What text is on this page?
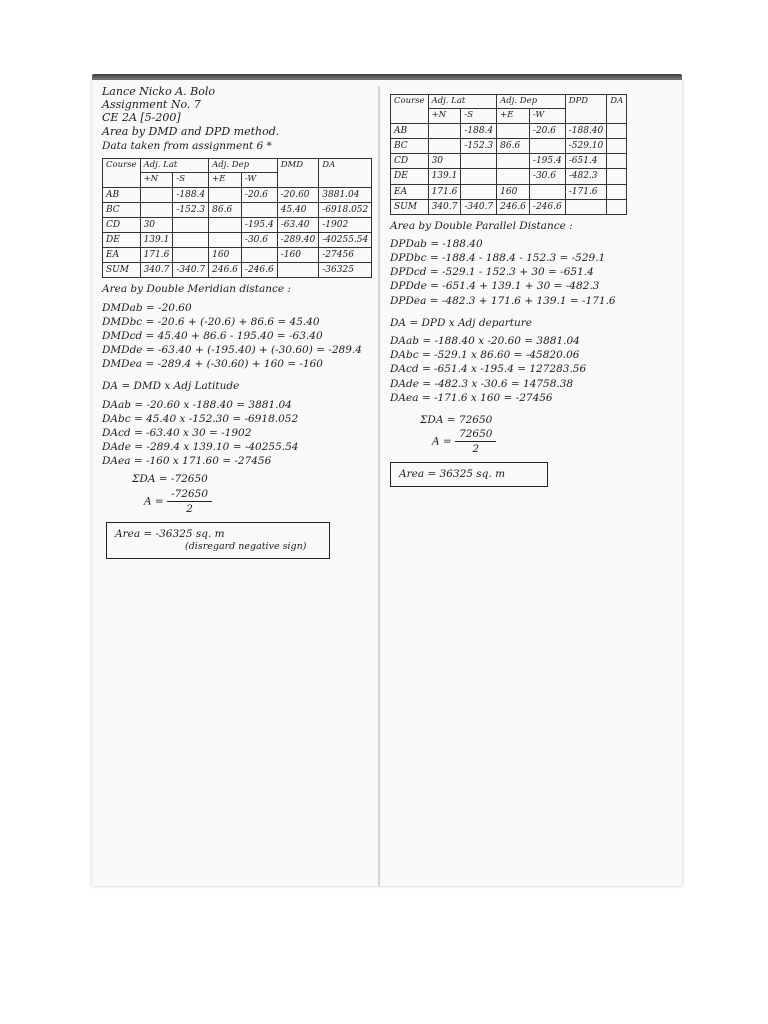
Lance Nicko A. Bolo

Assignment No. 7

CE 2A [5-200]

Area by DMD and DPD method.

Data taken from assignment 6 *

Course	Adj. Lat		Adj. Dep		DMD	DA
	+N	-S	+E	-W		
AB		-188.4		-20.6	-20.60	3881.04
BC		-152.3	86.6		45.40	-6918.052
CD	30			-195.4	-63.40	-1902
DE	139.1			-30.6	-289.40	-40255.54
EA	171.6		160		-160	-27456
SUM	340.7	-340.7	246.6	-246.6		-36325

Area by Double Meridian distance :

DMDab = -20.60

DMDbc = -20.6 + (-20.6) + 86.6 = 45.40

DMDcd = 45.40 + 86.6 - 195.40 = -63.40

DMDde = -63.40 + (-195.40) + (-30.60) = -289.4

DMDea = -289.4 + (-30.60) + 160 = -160

DA = DMD x Adj Latitude

DAab = -20.60 x -188.40 = 3881.04

DAbc = 45.40 x -152.30 = -6918.052

DAcd = -63.40 x 30 = -1902

DAde = -289.4 x 139.10 = -40255.54

DAea = -160 x 171.60 = -27456

ΣDA = -72650

$A = \frac{-72650}{2}$

Area = -36325 sq. m

(disregard negative sign)

Course	Adj. Lat		Adj. Dep		DPD	DA
	+N	-S	+E	-W		
AB		-188.4		-20.6	-188.40	
BC		-152.3	86.6		-529.10	
CD	30			-195.4	-651.4	
DE	139.1			-30.6	-482.3	
EA	171.6		160		-171.6	
SUM	340.7	-340.7	246.6	-246.6		

Area by Double Parallel Distance :

DPDab = -188.40

DPDbc = -188.4 - 188.4 - 152.3 = -529.1

DPDcd = -529.1 - 152.3 + 30 = -651.4

DPDde = -651.4 + 139.1 + 30 = -482.3

DPDea = -482.3 + 171.6 + 139.1 = -171.6

DA = DPD x Adj departure

DAab = -188.40 x -20.60 = 3881.04

DAbc = -529.1 x 86.60 = -45820.06

DAcd = -651.4 x -195.4 = 127283.56

DAde = -482.3 x -30.6 = 14758.38

DAea = -171.6 x 160 = -27456

ΣDA = 72650

$A = \frac{72650}{2}$

Area = 36325 sq. m
